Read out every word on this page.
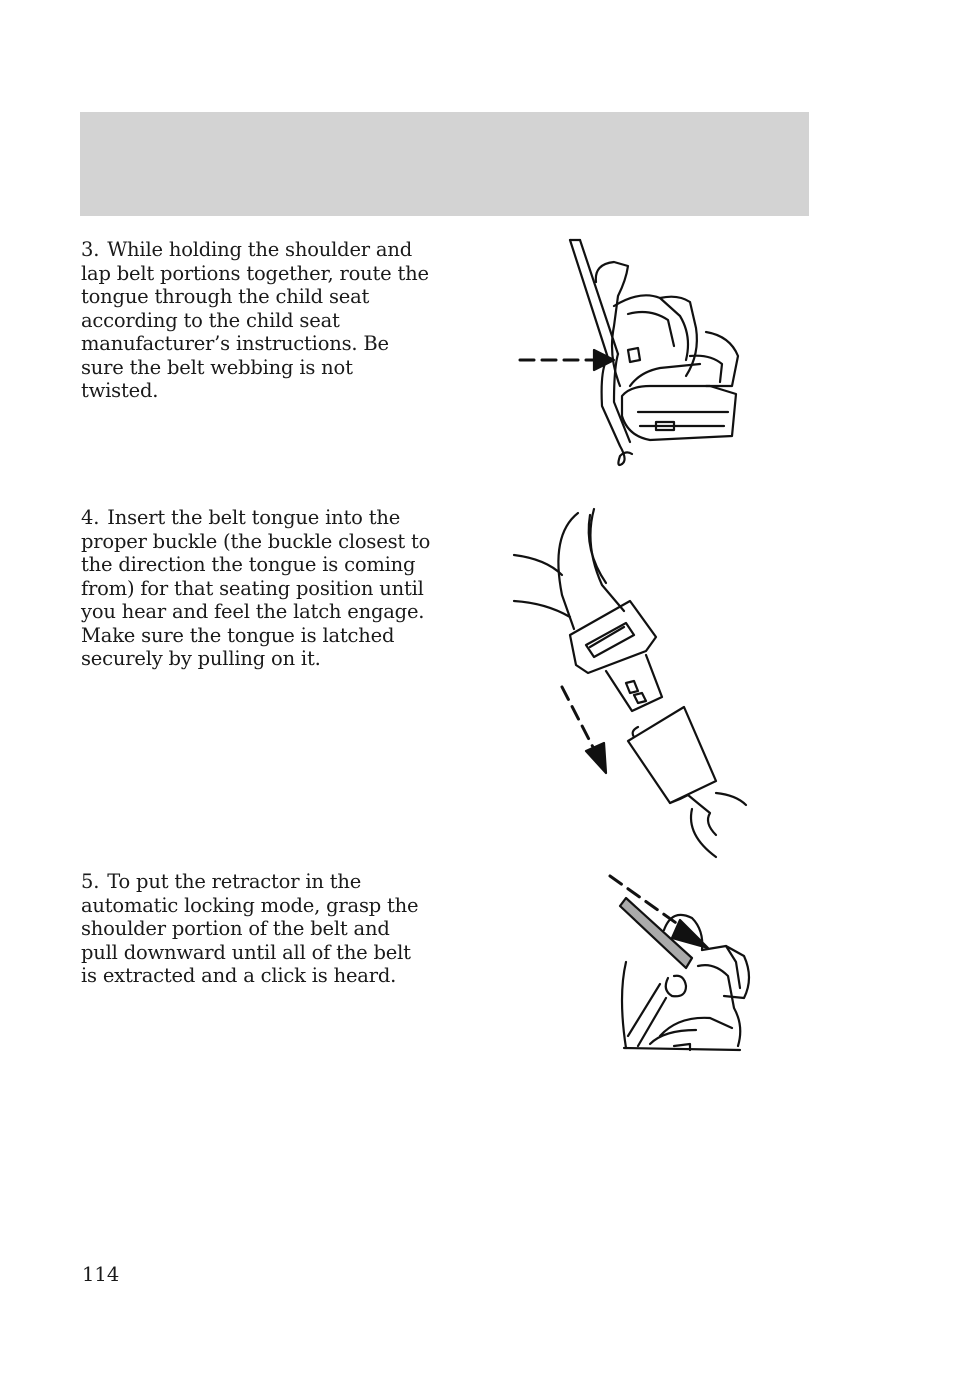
3. While holding the shoulder and lap belt portions together, route the tongue through the child seat according to the child seat manufacturer’s instructions. Be sure the belt webbing is not twisted.
4. Insert the belt tongue into the proper buckle (the buckle closest to the direction the tongue is coming from) for that seating position until you hear and feel the latch engage. Make sure the tongue is latched securely by pulling on it.
5. To put the retractor in the automatic locking mode, grasp the shoulder portion of the belt and pull downward until all of the belt is extracted and a click is heard.
114
